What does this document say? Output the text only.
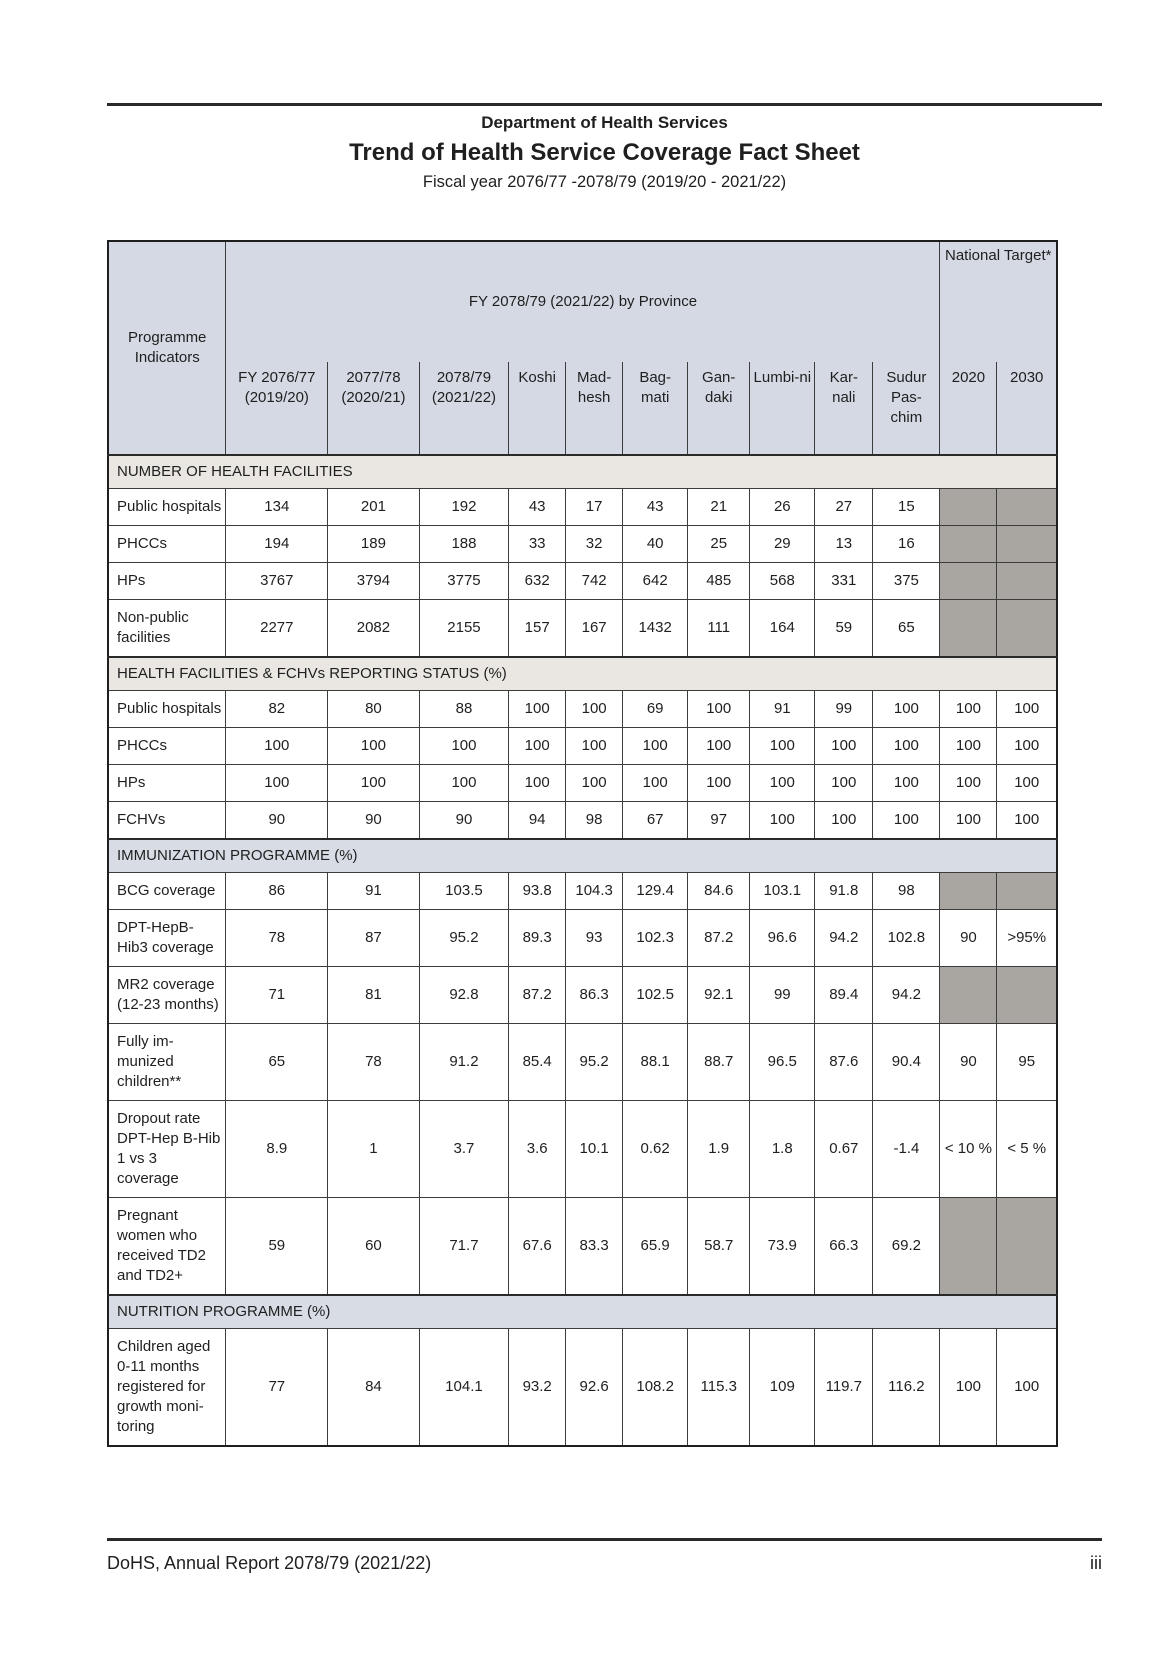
Department of Health Services
Trend of Health Service Coverage Fact Sheet
Fiscal year 2076/77 -2078/79 (2019/20 - 2021/22)
Programme Indicators	FY 2078/79 (2021/22) by Province										National Target*	
	FY 2076/77 (2019/20)	2077/78 (2020/21)	2078/79 (2021/22)	Koshi	Mad-hesh	Bag-mati	Gan-daki	Lumbi-ni	Kar-nali	Sudur Pas-chim	2020	2030
NUMBER OF HEALTH FACILITIES												
Public hospitals	134	201	192	43	17	43	21	26	27	15		
PHCCs	194	189	188	33	32	40	25	29	13	16		
HPs	3767	3794	3775	632	742	642	485	568	331	375		
Non-public facilities	2277	2082	2155	157	167	1432	111	164	59	65		
HEALTH FACILITIES & FCHVs REPORTING STATUS (%)												
Public hospitals	82	80	88	100	100	69	100	91	99	100	100	100
PHCCs	100	100	100	100	100	100	100	100	100	100	100	100
HPs	100	100	100	100	100	100	100	100	100	100	100	100
FCHVs	90	90	90	94	98	67	97	100	100	100	100	100
IMMUNIZATION PROGRAMME (%)												
BCG coverage	86	91	103.5	93.8	104.3	129.4	84.6	103.1	91.8	98		
DPT-HepB-Hib3 coverage	78	87	95.2	89.3	93	102.3	87.2	96.6	94.2	102.8	90	>95%
MR2 coverage (12-23 months)	71	81	92.8	87.2	86.3	102.5	92.1	99	89.4	94.2		
Fully im-munized children**	65	78	91.2	85.4	95.2	88.1	88.7	96.5	87.6	90.4	90	95
Dropout rate DPT-Hep B-Hib 1 vs 3 coverage	8.9	1	3.7	3.6	10.1	0.62	1.9	1.8	0.67	-1.4	< 10 %	< 5 %
Pregnant women who received TD2 and TD2+	59	60	71.7	67.6	83.3	65.9	58.7	73.9	66.3	69.2		
NUTRITION PROGRAMME (%)												
Children aged 0-11 months registered for growth moni-toring	77	84	104.1	93.2	92.6	108.2	115.3	109	119.7	116.2	100	100
DoHS, Annual Report 2078/79 (2021/22)	iii
